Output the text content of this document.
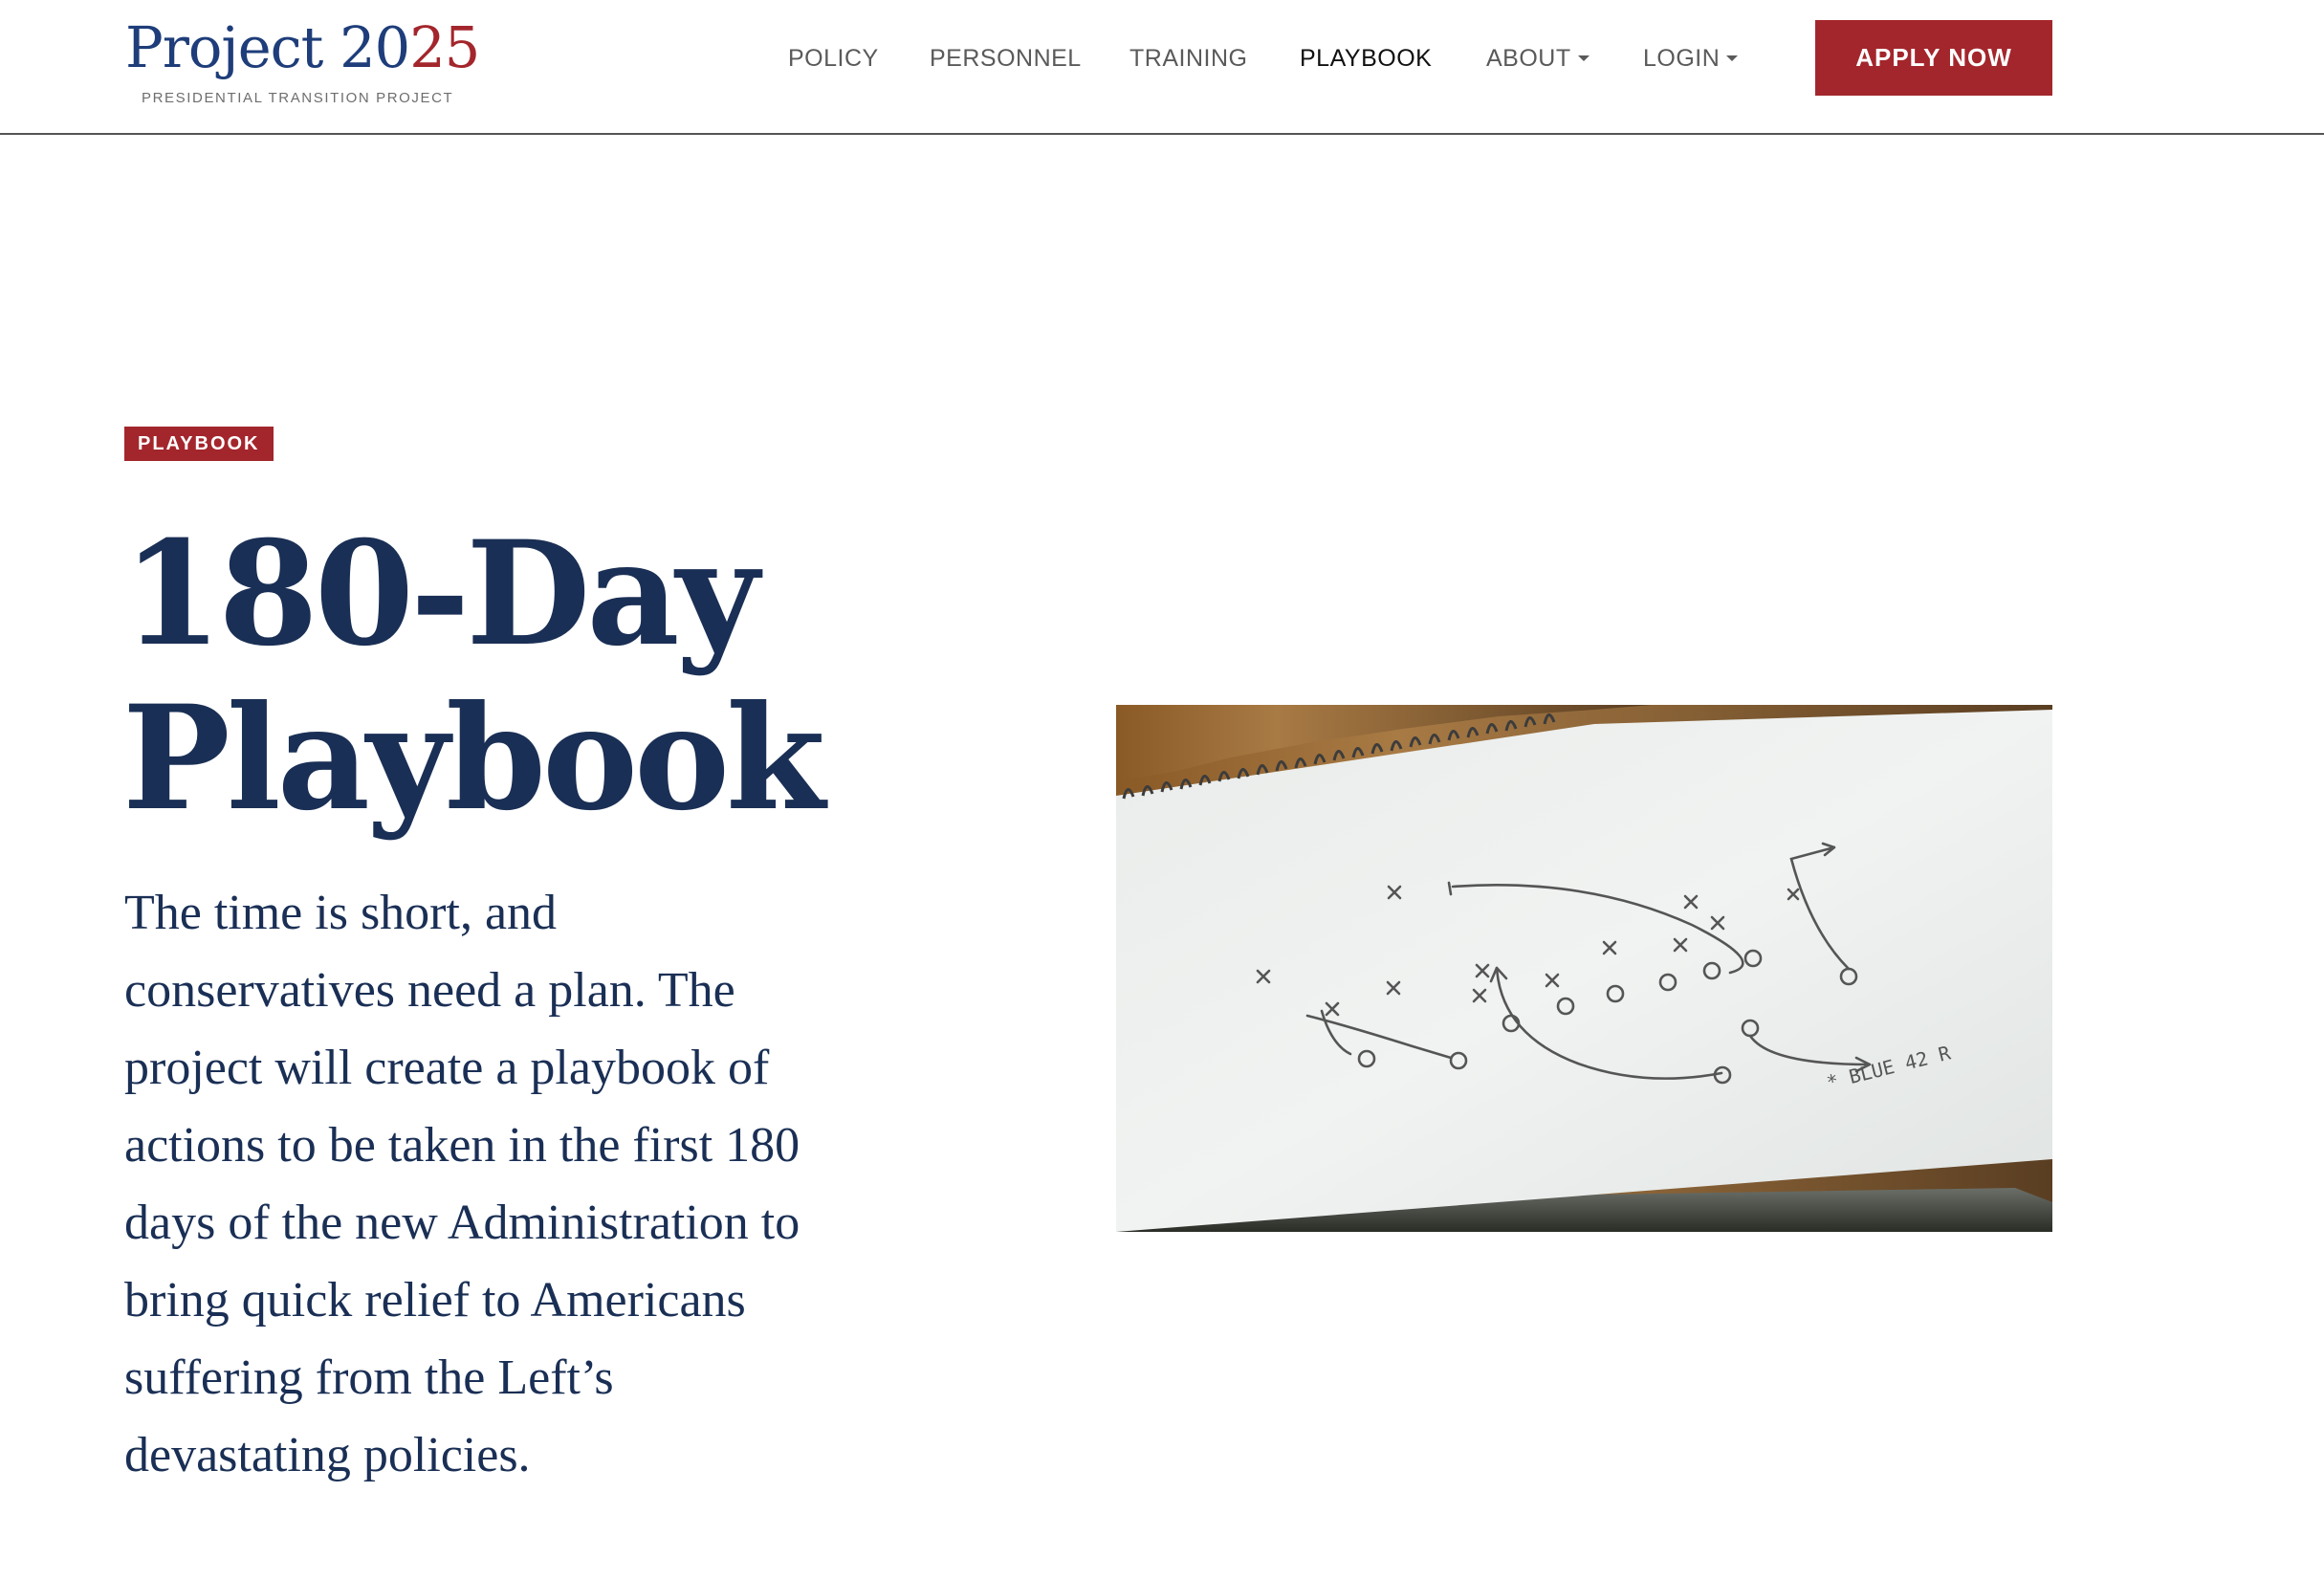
Project 2025
PRESIDENTIAL TRANSITION PROJECT
POLICY PERSONNEL TRAINING PLAYBOOK ABOUT	LOGIN	APPLY NOW
PLAYBOOK
180-Day
Playbook

The time is short, and
conservatives need a plan. The
project will create a playbook of
actions to be taken in the first 180
days of the new Administration to
bring quick relief to Americans
suffering from the Left’s
devastating policies.

* BLUE 42 R
